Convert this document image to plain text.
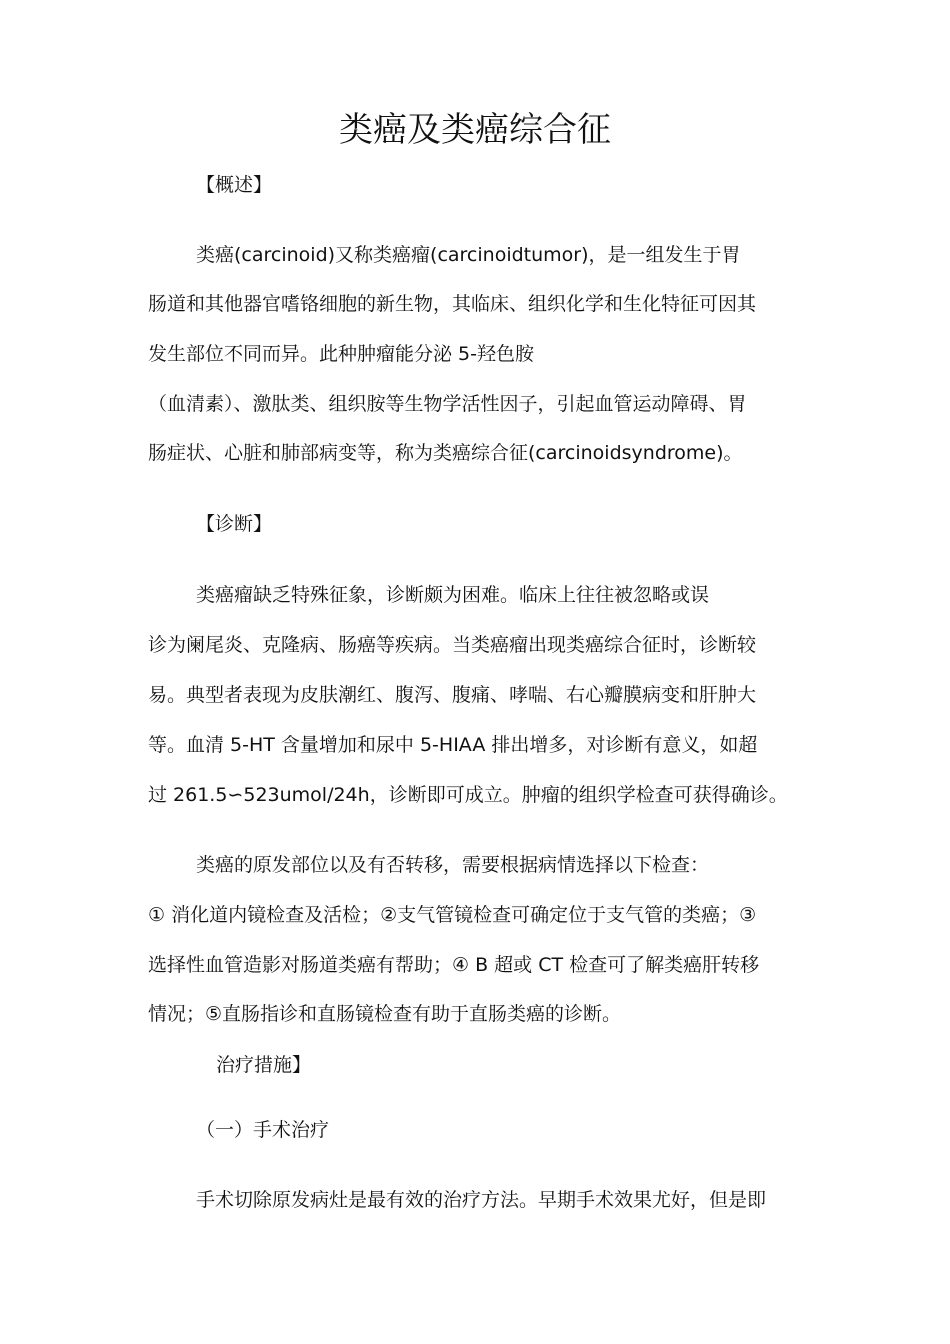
类癌及类癌综合征
【概述】
类癌(carcinoid)又称类癌瘤(carcinoidtumor)，是一组发生于胃
肠道和其他器官嗜铬细胞的新生物，其临床、组织化学和生化特征可因其
发生部位不同而异。此种肿瘤能分泌 5-羟色胺
（血清素）、激肽类、组织胺等生物学活性因子，引起血管运动障碍、胃
肠症状、心脏和肺部病变等，称为类癌综合征(carcinoidsyndrome)。
【诊断】
类癌瘤缺乏特殊征象，诊断颇为困难。临床上往往被忽略或误
诊为阑尾炎、克隆病、肠癌等疾病。当类癌瘤出现类癌综合征时，诊断较
易。典型者表现为皮肤潮红、腹泻、腹痛、哮喘、右心瓣膜病变和肝肿大
等。血清 5-HT 含量增加和尿中 5-HIAA 排出增多，对诊断有意义，如超
过 261.5∽523umol/24h，诊断即可成立。肿瘤的组织学检查可获得确诊。
类癌的原发部位以及有否转移，需要根据病情选择以下检查：
① 消化道内镜检查及活检；②支气管镜检查可确定位于支气管的类癌；③
选择性血管造影对肠道类癌有帮助；④ B 超或 CT 检查可了解类癌肝转移
情况；⑤直肠指诊和直肠镜检查有助于直肠类癌的诊断。
治疗措施】
（一）手术治疗
手术切除原发病灶是最有效的治疗方法。早期手术效果尤好，但是即
